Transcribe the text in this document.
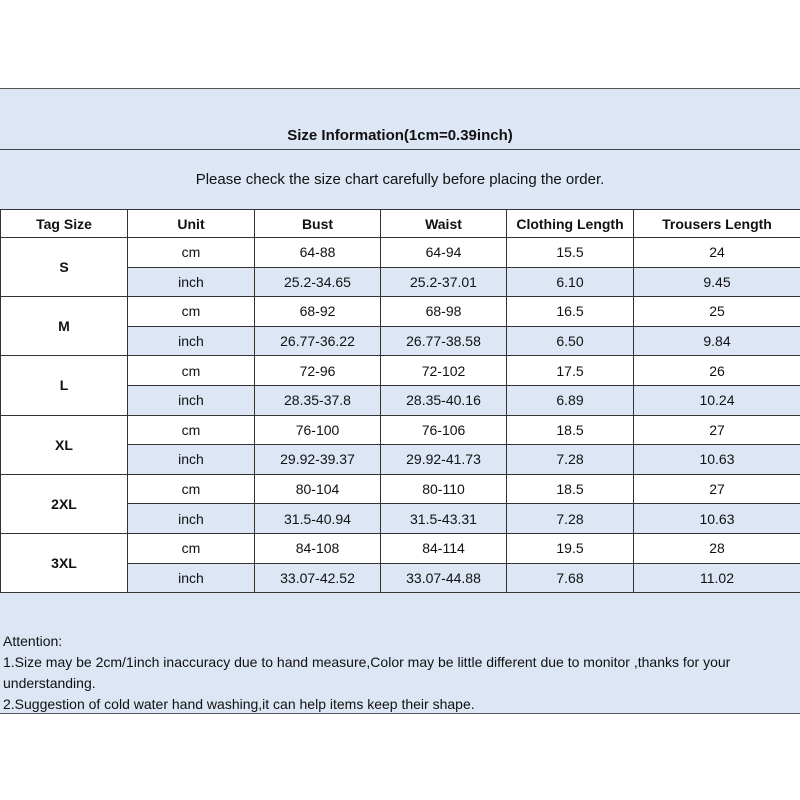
Size Information(1cm=0.39inch)
Please check the size chart carefully before placing the order.
Tag Size	Unit	Bust	Waist	Clothing Length	Trousers Length
S	cm	64-88	64-94	15.5	24
	inch	25.2-34.65	25.2-37.01	6.10	9.45
M	cm	68-92	68-98	16.5	25
	inch	26.77-36.22	26.77-38.58	6.50	9.84
L	cm	72-96	72-102	17.5	26
	inch	28.35-37.8	28.35-40.16	6.89	10.24
XL	cm	76-100	76-106	18.5	27
	inch	29.92-39.37	29.92-41.73	7.28	10.63
2XL	cm	80-104	80-110	18.5	27
	inch	31.5-40.94	31.5-43.31	7.28	10.63
3XL	cm	84-108	84-114	19.5	28
	inch	33.07-42.52	33.07-44.88	7.68	11.02

Attention:

1.Size may be 2cm/1inch inaccuracy due to hand measure,Color may be little different due to monitor ,thanks for your understanding.

2.Suggestion of cold water hand washing,it can help items keep their shape.
